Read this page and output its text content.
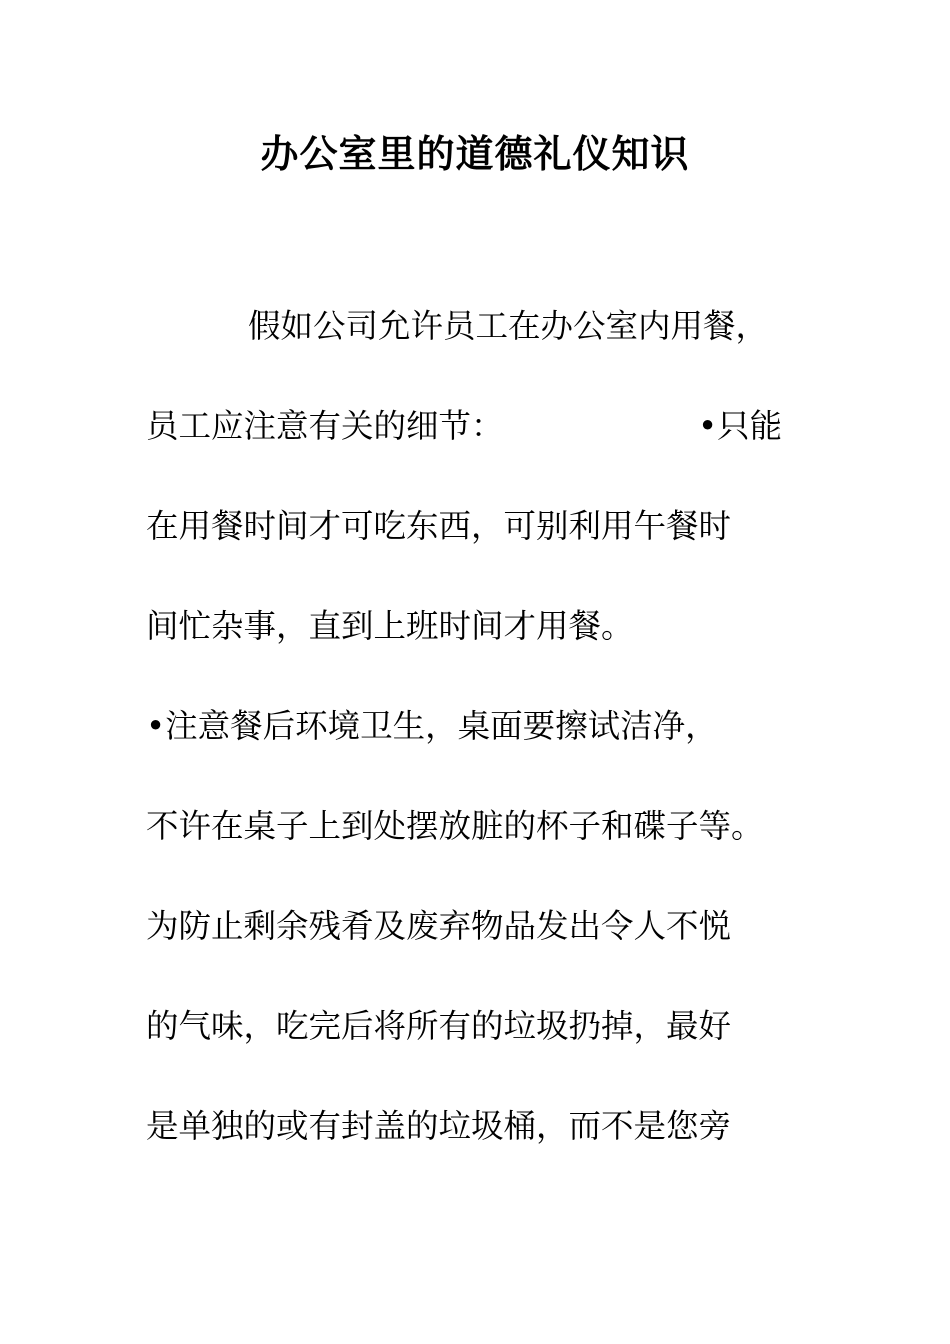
办公室里的道德礼仪知识
假如公司允许员工在办公室内用餐，
员工应注意有关的细节：	•只能
在用餐时间才可吃东西，可别利用午餐时
间忙杂事，直到上班时间才用餐。
•注意餐后环境卫生，桌面要擦试洁净，
不许在桌子上到处摆放脏的杯子和碟子等。
为防止剩余残肴及废弃物品发出令人不悦
的气味，吃完后将所有的垃圾扔掉，最好
是单独的或有封盖的垃圾桶，而不是您旁
